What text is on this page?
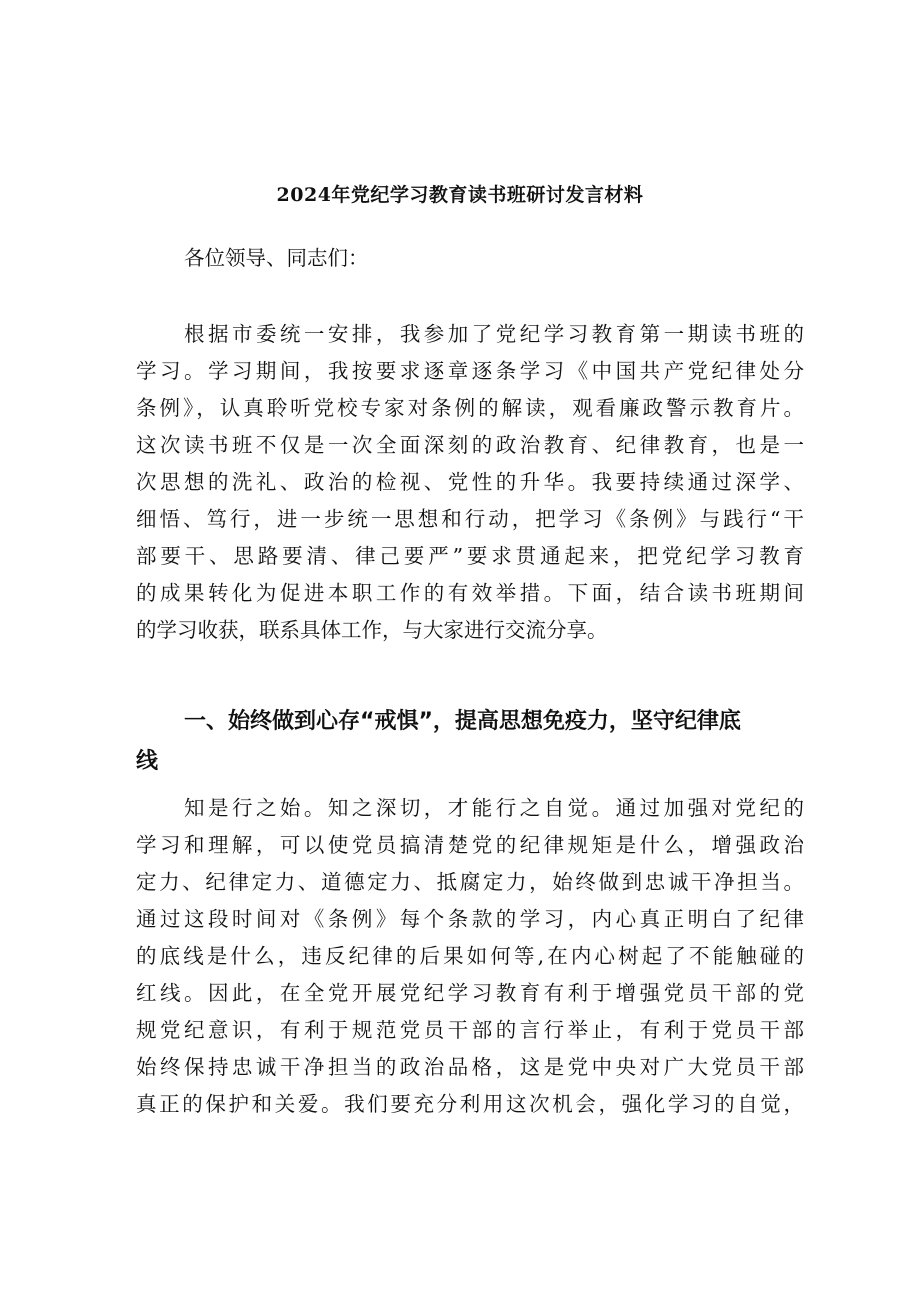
2024年党纪学习教育读书班研讨发言材料
各位领导、同志们：
根据市委统一安排，我参加了党纪学习教育第一期读书班的
学习。学习期间，我按要求逐章逐条学习《中国共产党纪律处分
条例》，认真聆听党校专家对条例的解读，观看廉政警示教育片。
这次读书班不仅是一次全面深刻的政治教育、纪律教育，也是一
次思想的洗礼、政治的检视、党性的升华。我要持续通过深学、
细悟、笃行，进一步统一思想和行动，把学习《条例》与践行“干
部要干、思路要清、律己要严”要求贯通起来，把党纪学习教育
的成果转化为促进本职工作的有效举措。下面，结合读书班期间
的学习收获，联系具体工作，与大家进行交流分享。
一、始终做到心存“戒惧”，提高思想免疫力，坚守纪律底
线
知是行之始。知之深切，才能行之自觉。通过加强对党纪的
学习和理解，可以使党员搞清楚党的纪律规矩是什么，增强政治
定力、纪律定力、道德定力、抵腐定力，始终做到忠诚干净担当。
通过这段时间对《条例》每个条款的学习，内心真正明白了纪律
的底线是什么，违反纪律的后果如何等,在内心树起了不能触碰的
红线。因此，在全党开展党纪学习教育有利于增强党员干部的党
规党纪意识，有利于规范党员干部的言行举止，有利于党员干部
始终保持忠诚干净担当的政治品格，这是党中央对广大党员干部
真正的保护和关爱。我们要充分利用这次机会，强化学习的自觉，
